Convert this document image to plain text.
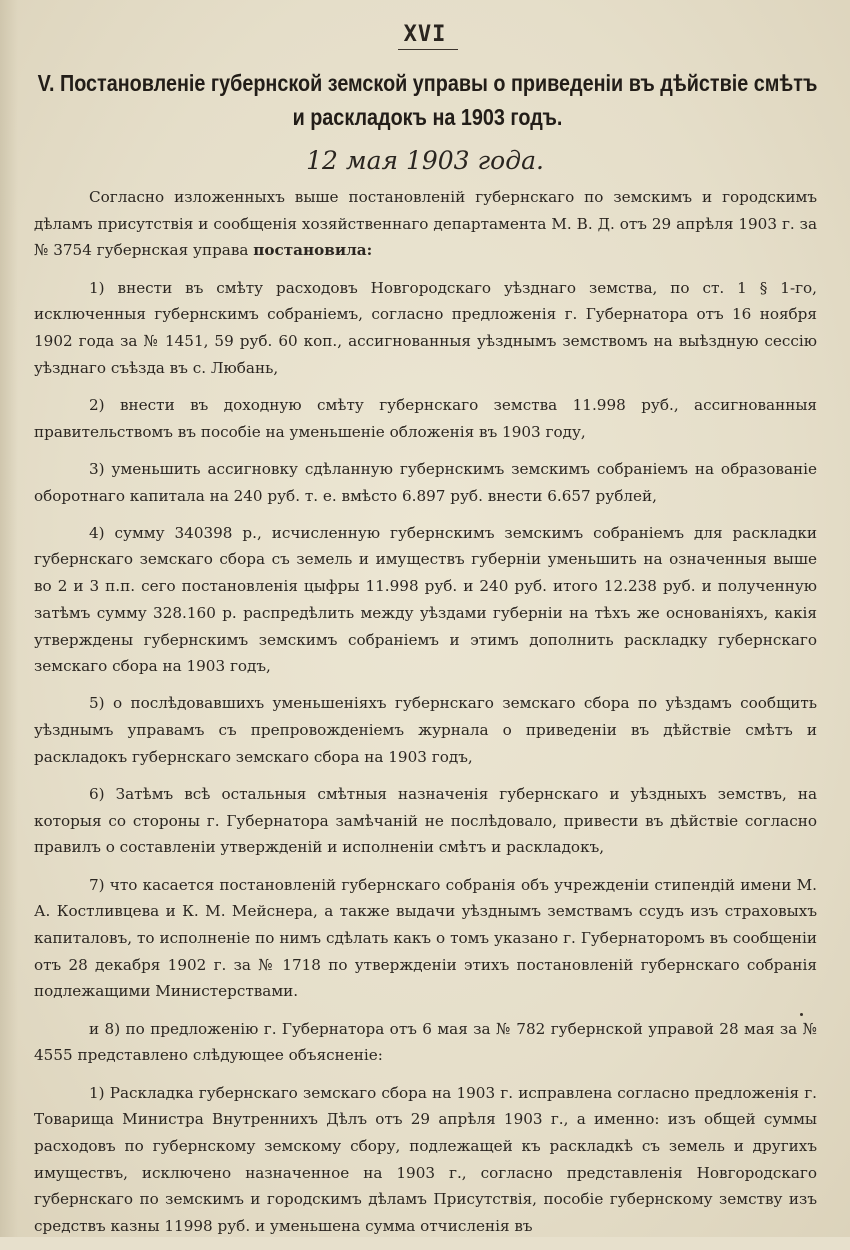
XVI
V. Постановленіе губернской земской управы о приведеніи въ дѣйствіе смѣтъ и раскладокъ на 1903 годъ.
12 мая 1903 года.

Согласно изложенныхъ выше постановленій губернскаго по земскимъ и городскимъ дѣламъ присутствія и сообщенія хозяйственнаго департамента М. В. Д. отъ 29 апрѣля 1903 г. за № 3754 губернская управа постановила:

1) внести въ смѣту расходовъ Новгородскаго уѣзднаго земства, по ст. 1 § 1-го, исключенныя губернскимъ собраніемъ, согласно предложенія г. Губернатора отъ 16 ноября 1902 года за № 1451, 59 руб. 60 коп., ассигнованныя уѣзднымъ земствомъ на выѣздную сессію уѣзднаго съѣзда въ с. Любань,

2) внести въ доходную смѣту губернскаго земства 11.998 руб., ассигнованныя правительствомъ въ пособіе на уменьшеніе обложенія въ 1903 году,

3) уменьшить ассигновку сдѣланную губернскимъ земскимъ собраніемъ на образованіе оборотнаго капитала на 240 руб. т. е. вмѣсто 6.897 руб. внести 6.657 рублей,

4) сумму 340398 р., исчисленную губернскимъ земскимъ собраніемъ для раскладки губернскаго земскаго сбора съ земель и имуществъ губерніи уменьшить на означенныя выше во 2 и 3 п.п. сего постановленія цыфры 11.998 руб. и 240 руб. итого 12.238 руб. и полученную затѣмъ сумму 328.160 р. распредѣлить между уѣздами губерніи на тѣхъ же основаніяхъ, какія утверждены губернскимъ земскимъ собраніемъ и этимъ дополнить раскладку губернскаго земскаго сбора на 1903 годъ,

5) о послѣдовавшихъ уменьшеніяхъ губернскаго земскаго сбора по уѣздамъ сообщить уѣзднымъ управамъ съ препровожденіемъ журнала о приведеніи въ дѣйствіе смѣтъ и раскладокъ губернскаго земскаго сбора на 1903 годъ,

6) Затѣмъ всѣ остальныя смѣтныя назначенія губернскаго и уѣздныхъ земствъ, на которыя со стороны г. Губернатора замѣчаній не послѣдовало, привести въ дѣйствіе согласно правилъ о составленіи утвержденій и исполненіи смѣтъ и раскладокъ,

7) что касается постановленій губернскаго собранія объ учрежденіи стипендій имени М. А. Костливцева и К. М. Мейснера, а также выдачи уѣзднымъ земствамъ ссудъ изъ страховыхъ капиталовъ, то исполненіе по нимъ сдѣлать какъ о томъ указано г. Губернаторомъ въ сообщеніи отъ 28 декабря 1902 г. за № 1718 по утвержденіи этихъ постановленій губернскаго собранія подлежащими Министерствами.

и 8) по предложенію г. Губернатора отъ 6 мая за № 782 губернской управой 28 мая за № 4555 представлено слѣдующее объясненіе:

1) Раскладка губернскаго земскаго сбора на 1903 г. исправлена согласно предложенія г. Товарища Министра Внутреннихъ Дѣлъ отъ 29 апрѣля 1903 г., а именно: изъ общей суммы расходовъ по губернскому земскому сбору, подлежащей къ раскладкѣ съ земель и другихъ имуществъ, исключено назначенное на 1903 г., согласно представленія Новгородскаго губернскаго по земскимъ и городскимъ дѣламъ Присутствія, пособіе губернскому земству изъ средствъ казны 11998 руб. и уменьшена сумма отчисленія въ
